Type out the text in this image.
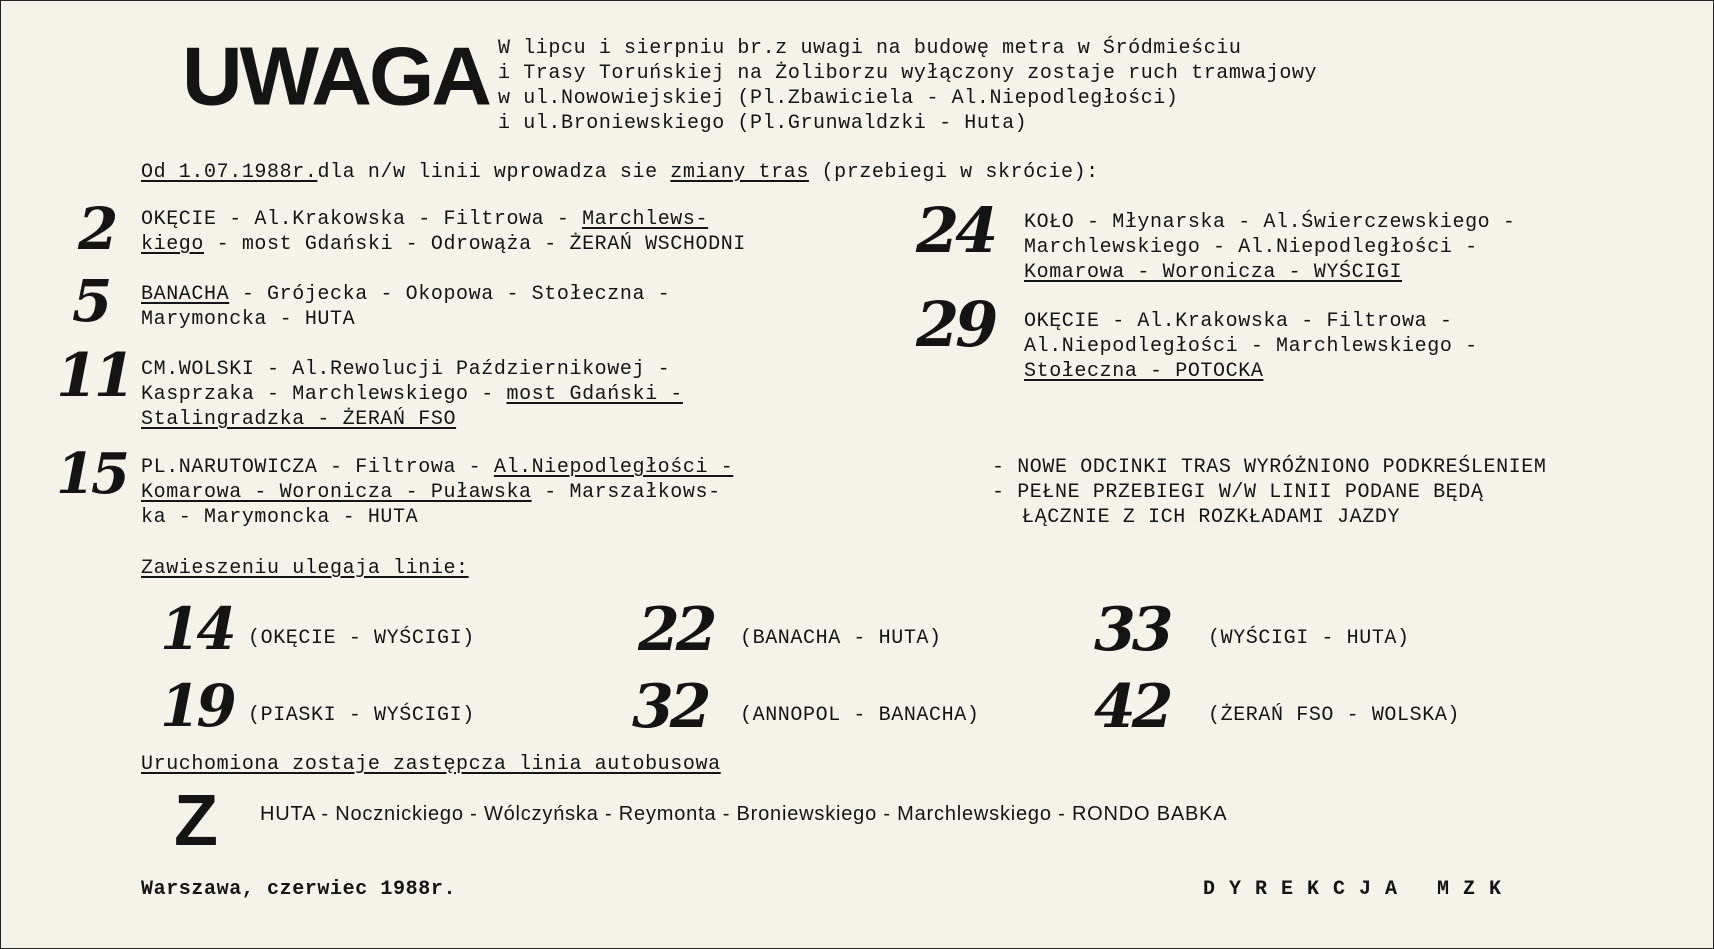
UWAGA W lipcu i sierpniu br.z uwagi na budowę metra w Śródmieściu
i Trasy Toruńskiej na Żoliborzu wyłączony zostaje ruch tramwajowy
w ul.Nowowiejskiej (Pl.Zbawiciela - Al.Niepodległości)
i ul.Broniewskiego (Pl.Grunwaldzki - Huta)
Od 1.07.1988r.dla n/w linii wprowadza sie zmiany tras (przebiegi w skrócie):
2 OKĘCIE - Al.Krakowska - Filtrowa - Marchlews-
kiego - most Gdański - Odrowąża - ŻERAŃ WSCHODNI
5 BANACHA - Grójecka - Okopowa - Stołeczna -
Marymoncka - HUTA
11 CM.WOLSKI - Al.Rewolucji Październikowej -
Kasprzaka - Marchlewskiego - most Gdański -
Stalingradzka - ŻERAŃ FSO
15 PL.NARUTOWICZA - Filtrowa - Al.Niepodległości -
Komarowa - Woronicza - Puławska - Marszałkows-
ka - Marymoncka - HUTA
24 KOŁO - Młynarska - Al.Świerczewskiego -
Marchlewskiego - Al.Niepodległości -
Komarowa - Woronicza - WYŚCIGI
29 OKĘCIE - Al.Krakowska - Filtrowa -
Al.Niepodległości - Marchlewskiego -
Stołeczna - POTOCKA
- NOWE ODCINKI TRAS WYRÓŻNIONO PODKREŚLENIEM
- PEŁNE PRZEBIEGI W/W LINII PODANE BĘDĄ
ŁĄCZNIE Z ICH ROZKŁADAMI JAZDY
Zawieszeniu ulegaja linie:
14 (OKĘCIE - WYŚCIGI)	22 (BANACHA - HUTA)	33 (WYŚCIGI - HUTA)
19 (PIASKI - WYŚCIGI)	32 (ANNOPOL - BANACHA) 42 (ŻERAŃ FSO - WOLSKA)
Uruchomiona zostaje zastępcza linia autobusowa
Z HUTA - Nocznickiego - Wólczyńska - Reymonta - Broniewskiego - Marchlewskiego - RONDO BABKA
Warszawa, czerwiec 1988r.	DYREKCJA MZK
